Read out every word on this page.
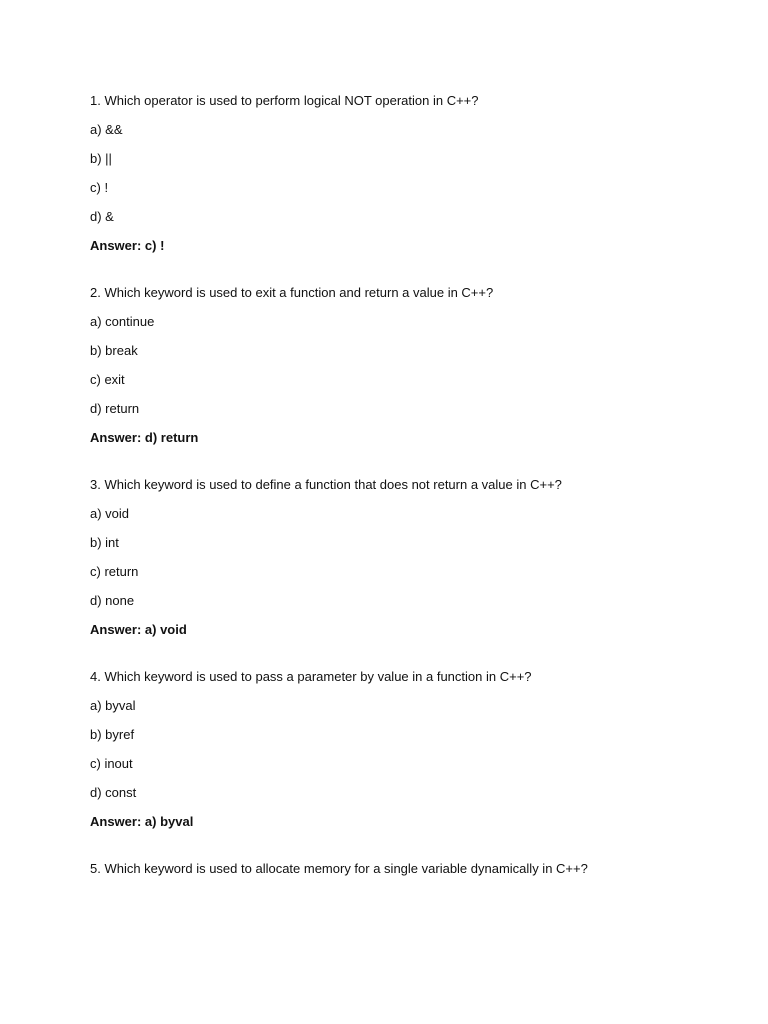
1. Which operator is used to perform logical NOT operation in C++?
a) &&
b) ||
c) !
d) &
Answer: c) !
2. Which keyword is used to exit a function and return a value in C++?
a) continue
b) break
c) exit
d) return
Answer: d) return
3. Which keyword is used to define a function that does not return a value in C++?
a) void
b) int
c) return
d) none
Answer: a) void
4. Which keyword is used to pass a parameter by value in a function in C++?
a) byval
b) byref
c) inout
d) const
Answer: a) byval
5. Which keyword is used to allocate memory for a single variable dynamically in C++?
